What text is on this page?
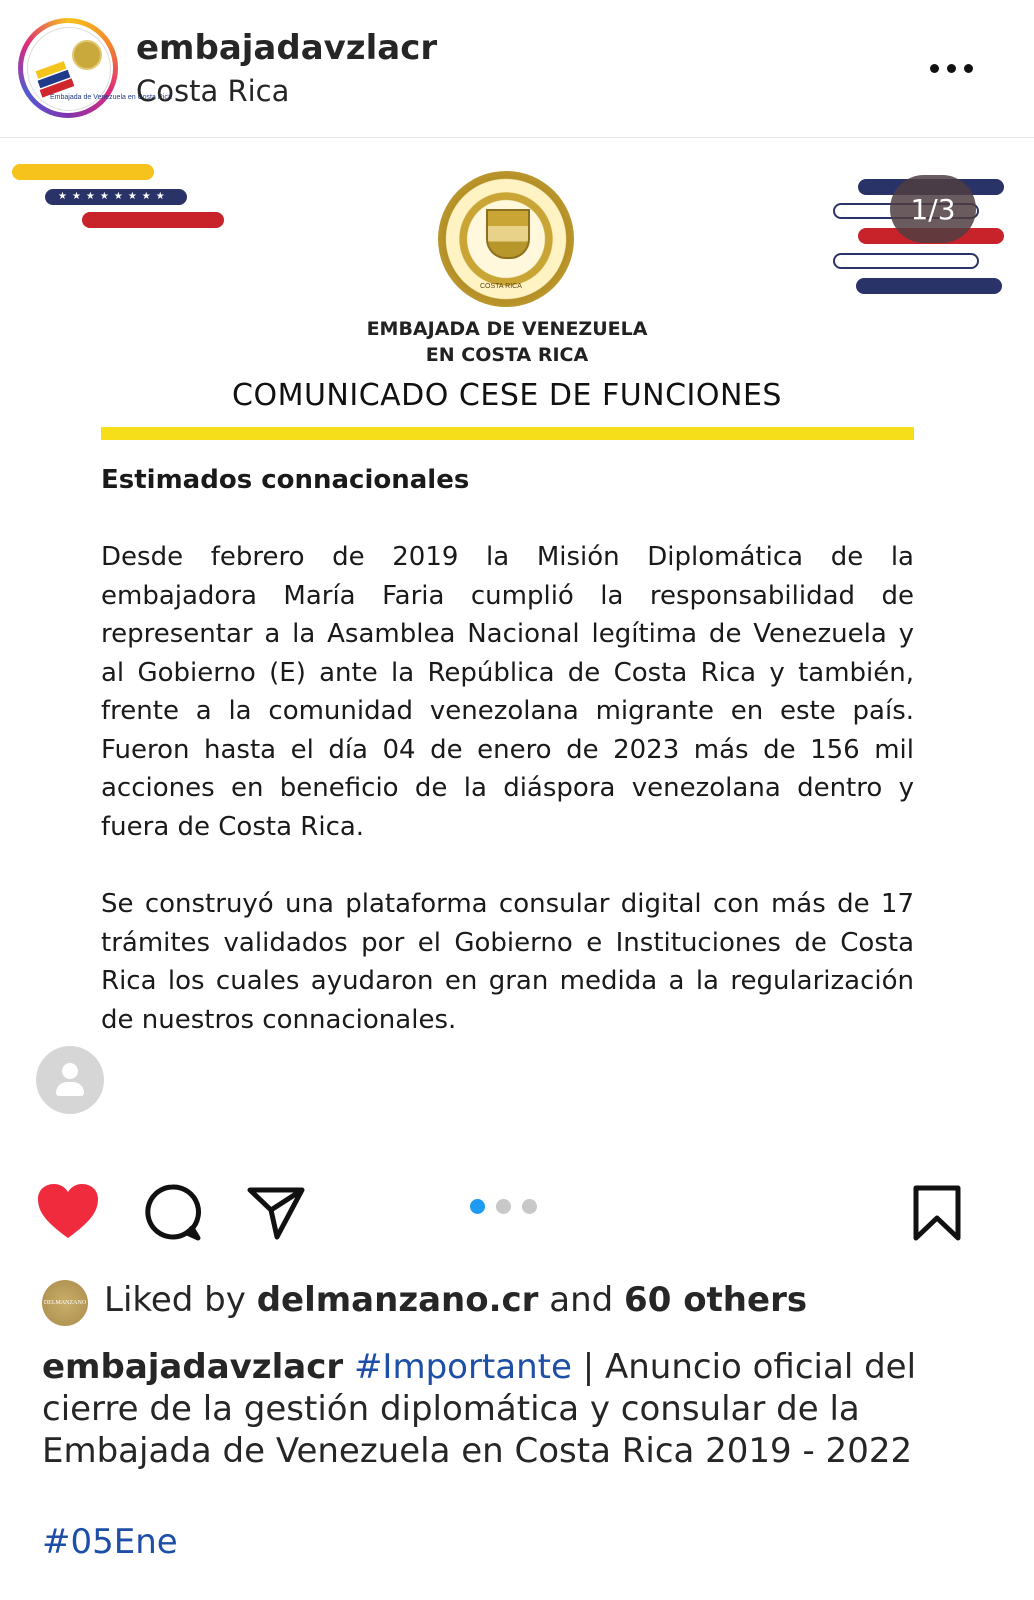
Embajada de Venezuela en Costa Rica
embajadavzlacr
Costa Rica
★★★★★★★★	1/3
COSTA RICA
EMBAJADA DE VENEZUELA
EN COSTA RICA
COMUNICADO CESE DE FUNCIONES
Estimados connacionales
Desde febrero de 2019 la Misión Diplomática de la embajadora María Faria cumplió la responsabilidad de representar a la Asamblea Nacional legítima de Venezuela y al Gobierno (E) ante la República de Costa Rica y también, frente a la comunidad venezolana migrante en este país. Fueron hasta el día 04 de enero de 2023 más de 156 mil acciones en beneficio de la diáspora venezolana dentro y fuera de Costa Rica.
Se construyó una plataforma consular digital con más de 17 trámites validados por el Gobierno e Instituciones de Costa Rica los cuales ayudaron en gran medida a la regularización de nuestros connacionales.
DELMANZANO Liked by delmanzano.cr and 60 others
embajadavzlacr #Importante | Anuncio oficial del cierre de la gestión diplomática y consular de la Embajada de Venezuela en Costa Rica 2019 - 2022
#05Ene
